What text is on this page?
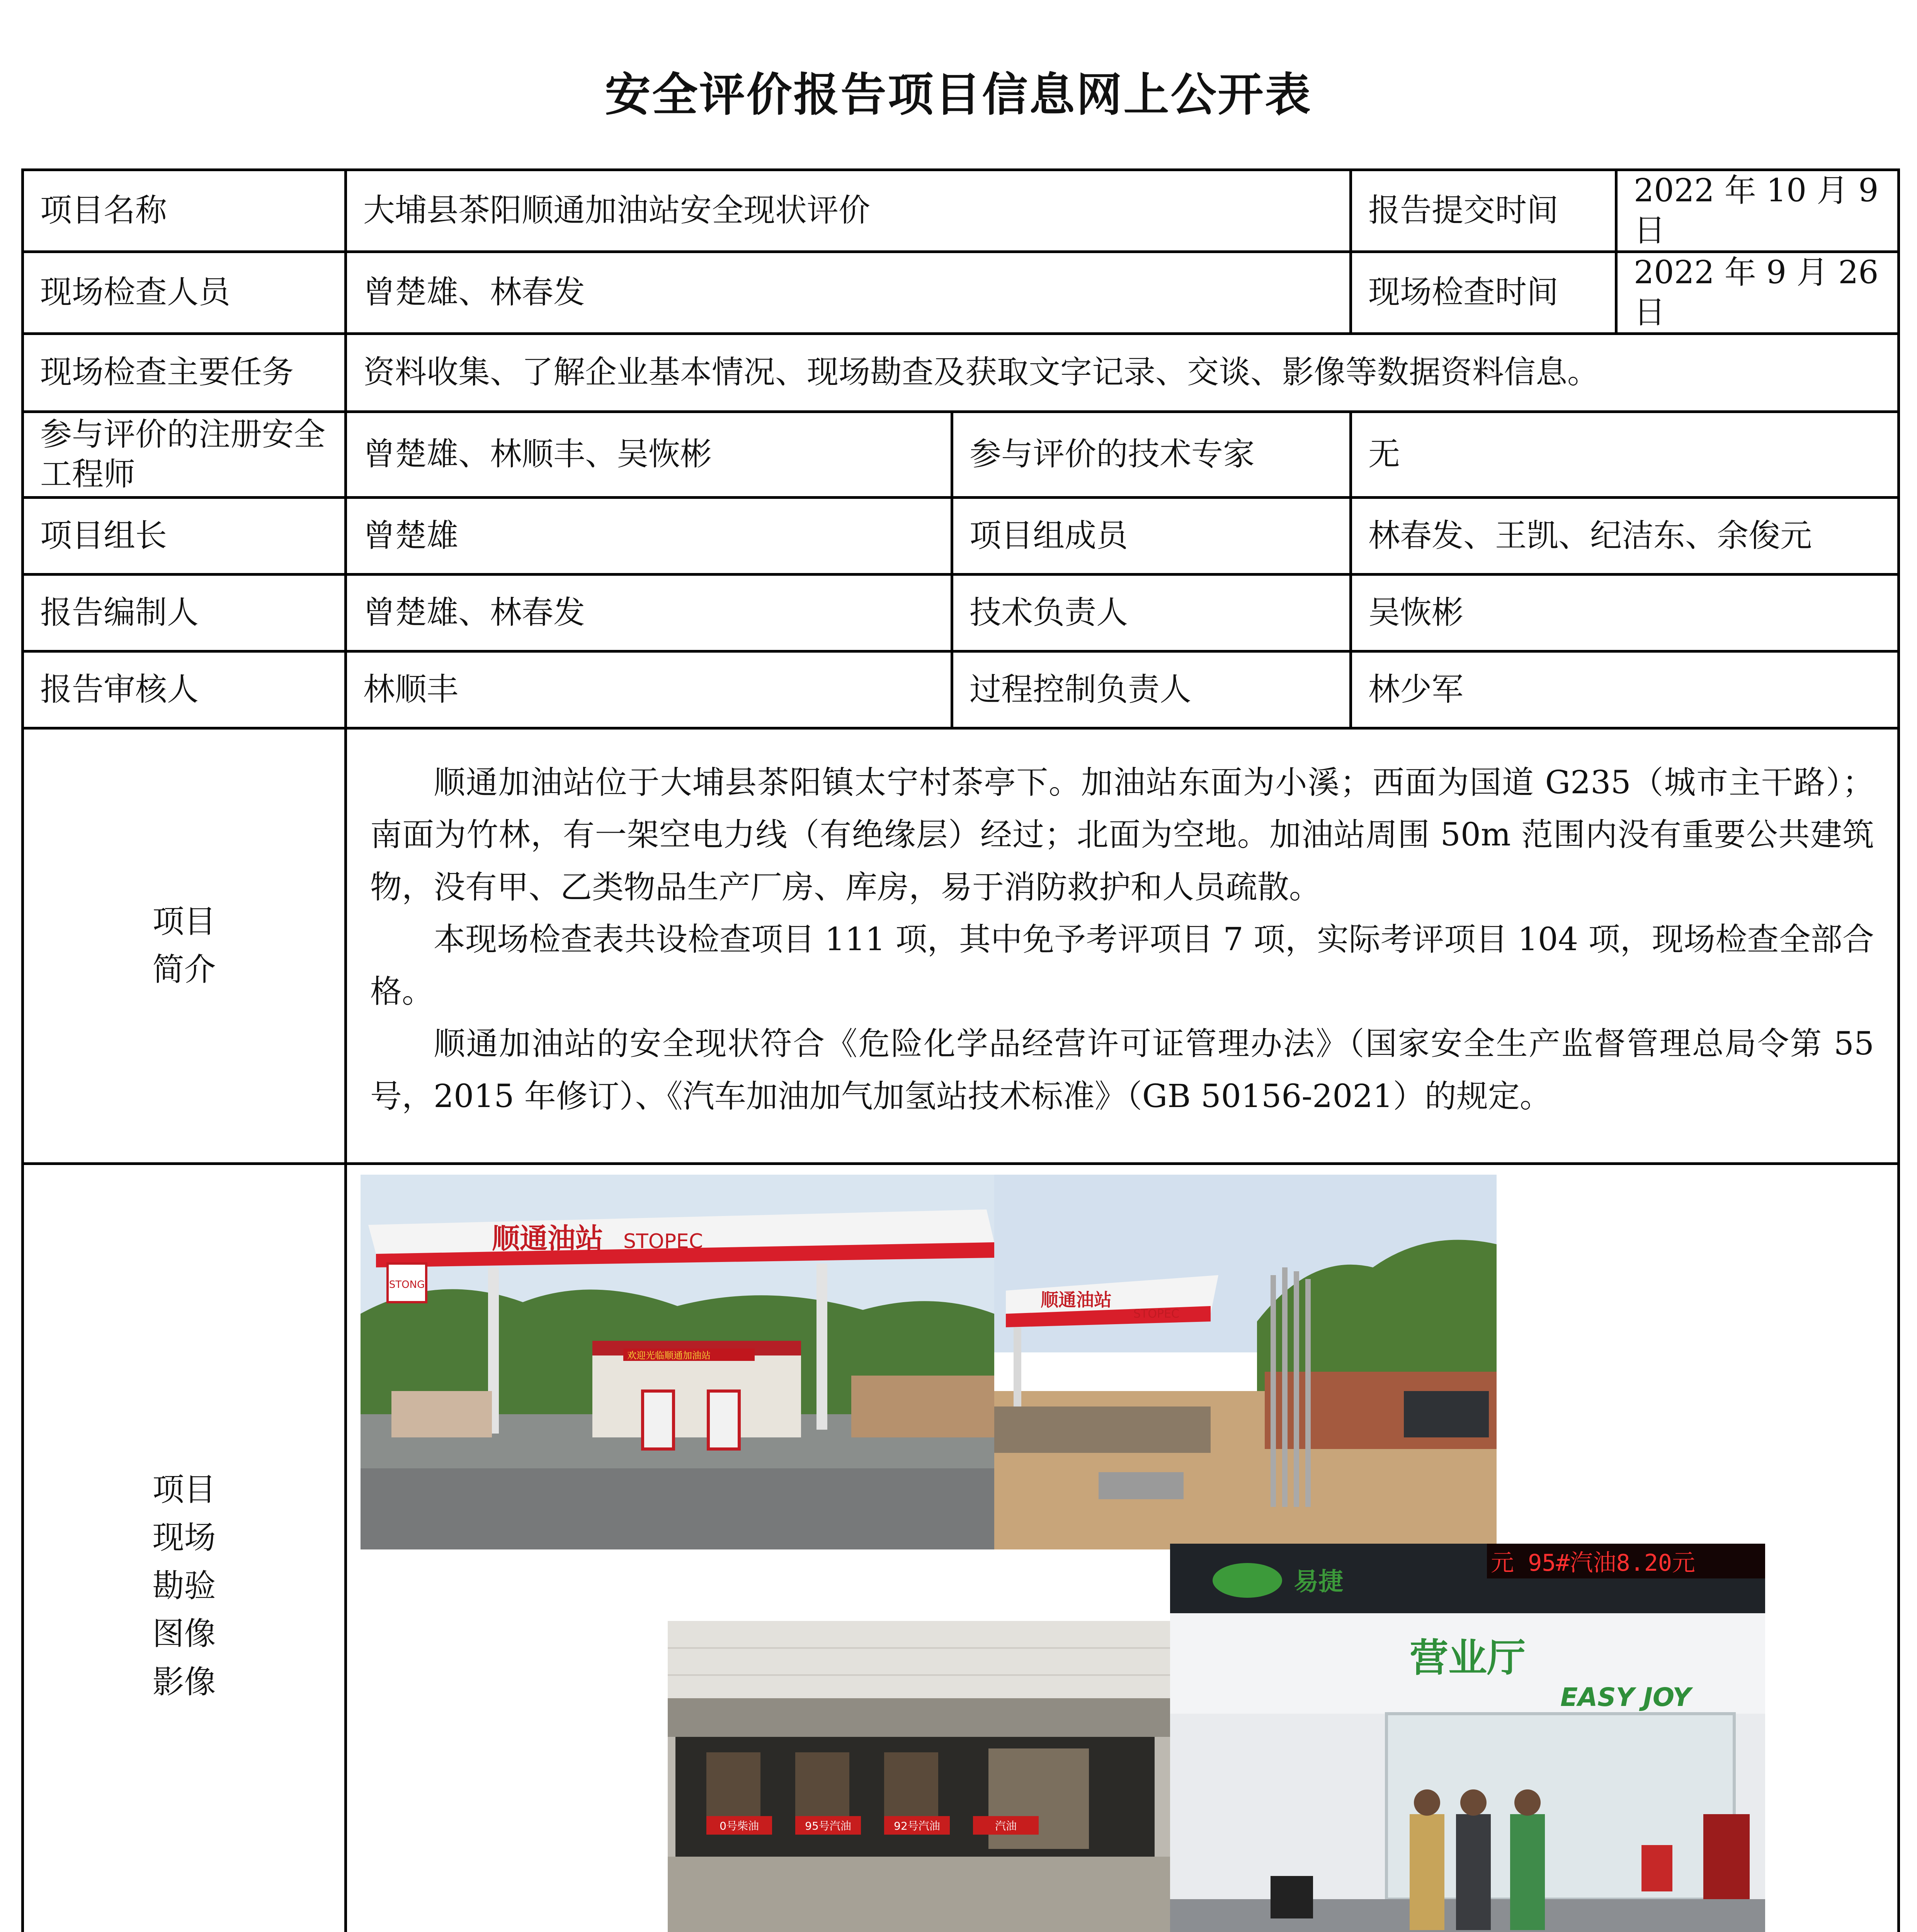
安全评价报告项目信息网上公开表
项目名称	大埔县茶阳顺通加油站安全现状评价	报告提交时间	2022 年 10 月 9 日
现场检查人员	曾楚雄、林春发	现场检查时间	2022 年 9 月 26 日
现场检查主要任务	资料收集、了解企业基本情况、现场勘查及获取文字记录、交谈、影像等数据资料信息。
参与评价的注册安全工程师	曾楚雄、林顺丰、吴恢彬	参与评价的技术专家	无
项目组长	曾楚雄	项目组成员	林春发、王凯、纪洁东、余俊元
报告编制人	曾楚雄、林春发	技术负责人	吴恢彬
报告审核人	林顺丰	过程控制负责人	林少军

项目
简介

顺通加油站位于大埔县茶阳镇太宁村茶亭下。加油站东面为小溪；西面为国道 G235（城市主干路）；南面为竹林，有一架空电力线（有绝缘层）经过；北面为空地。加油站周围 50m 范围内没有重要公共建筑物，没有甲、乙类物品生产厂房、库房，易于消防救护和人员疏散。

本现场检查表共设检查项目 111 项，其中免予考评项目 7 项，实际考评项目 104 项，现场检查全部合格。

顺通加油站的安全现状符合《危险化学品经营许可证管理办法》（国家安全生产监督管理总局令第 55 号，2015 年修订）、《汽车加油加气加氢站技术标准》（GB 50156-2021）的规定。

项目
现场
勘验
图像
影像

STONG
顺通油站 STOPEC
欢迎光临顺通加油站
顺通油站
STOPEC
0号柴油	95号汽油	92号汽油	汽油
元 95#汽油8.20元
易捷
营业厅
EASY JOY
